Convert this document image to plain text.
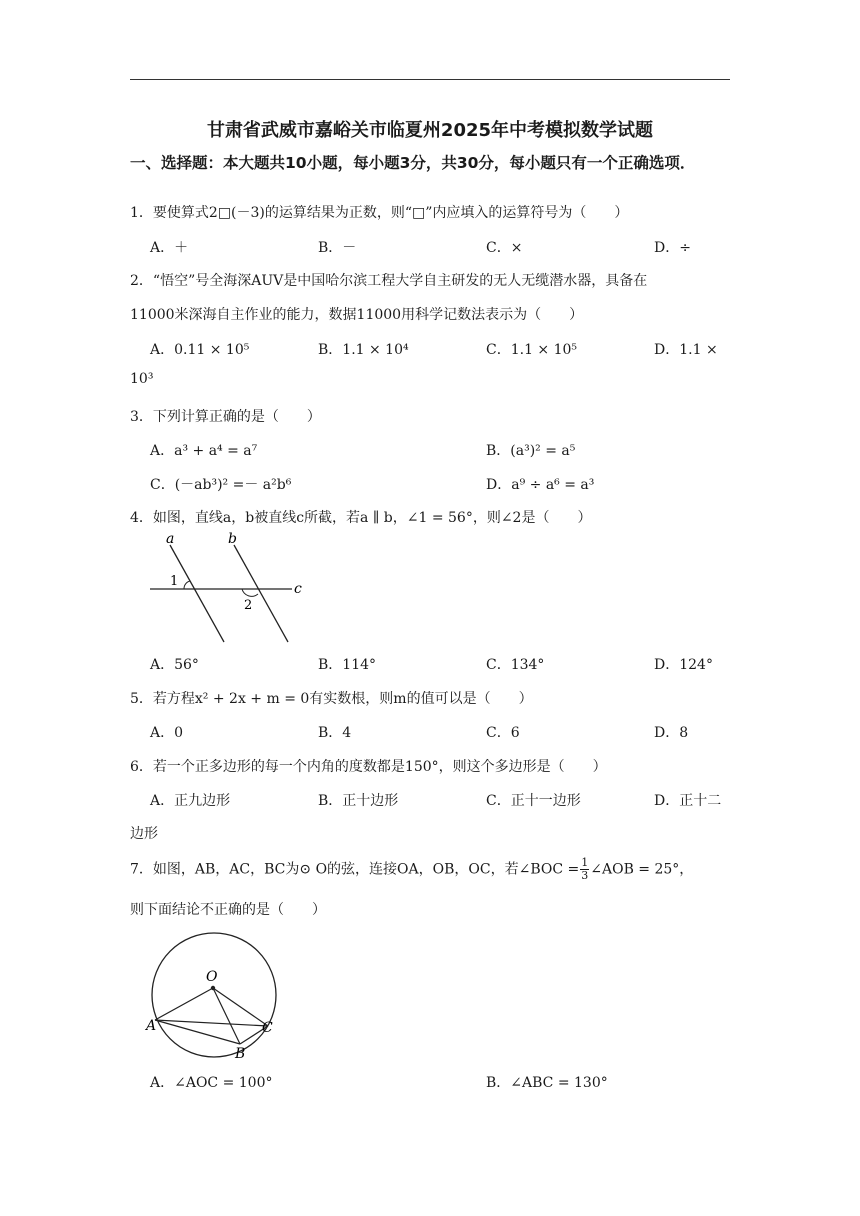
甘肃省武威市嘉峪关市临夏州2025年中考模拟数学试题
一、选择题：本大题共10小题，每小题3分，共30分，每小题只有一个正确选项．
1．要使算式2□(－3)的运算结果为正数，则“□”内应填入的运算符号为（　　）
A．＋	B．－	C．×	D．÷
2．“悟空”号全海深AUV是中国哈尔滨工程大学自主研发的无人无缆潜水器，具备在
11000米深海自主作业的能力，数据11000用科学记数法表示为（　　）
A．0.11 × 10⁵	B．1.1 × 10⁴	C．1.1 × 10⁵	D．1.1 ×
10³
3．下列计算正确的是（　　）
A．a³ + a⁴ = a⁷	B．(a³)² = a⁵
C．(－ab³)² =－ a²b⁶	D．a⁹ ÷ a⁶ = a³
4．如图，直线a，b被直线c所截，若a ∥ b，∠1 = 56°，则∠2是（　　）
a	b
c
1
2
A．56°	B．114°	C．134°	D．124°
5．若方程x² + 2x + m = 0有实数根，则m的值可以是（　　）
A．0	B．4	C．6	D．8
6．若一个正多边形的每一个内角的度数都是150°，则这个多边形是（　　）
A．正九边形	B．正十边形	C．正十一边形	D．正十二
边形
7．如图，AB，AC，BC为⊙ O的弦，连接OA，OB，OC，若∠BOC = $\frac{1}{3}$ ∠AOB = 25°，
则下面结论不正确的是（　　）
O
A
B
C
A．∠AOC = 100°	B．∠ABC = 130°
